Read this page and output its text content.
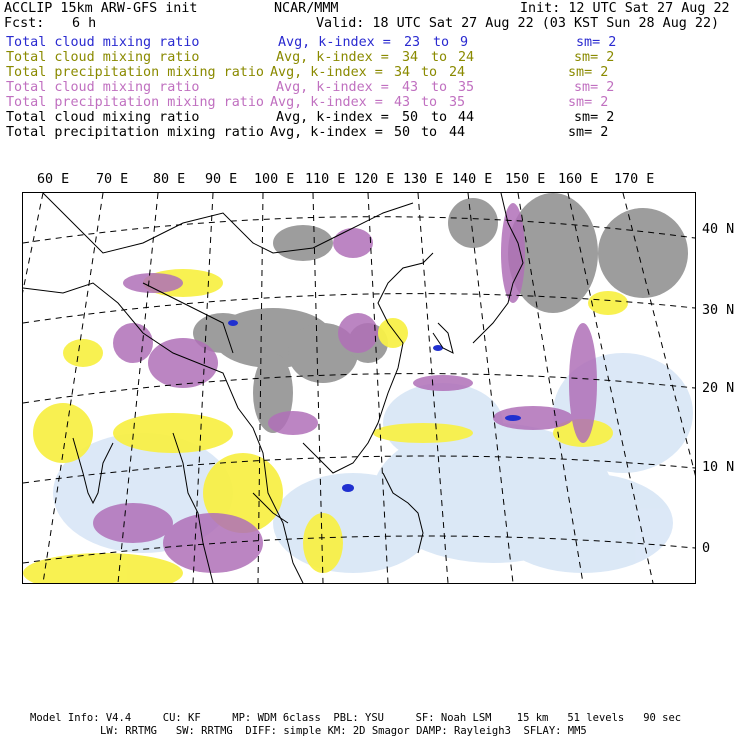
ACCLIP 15km ARW-GFS init	NCAR/MMM	Init: 12 UTC Sat 27 Aug 22
Fcst: 6 h	Valid: 18 UTC Sat 27 Aug 22 (03 KST Sun 28 Aug 22)
Total cloud mixing ratio	Avg, k-index = 23 to 9	sm= 2
Total cloud mixing ratio	Avg, k-index = 34 to 24	sm= 2
Total precipitation mixing ratio Avg, k-index = 34 to 24	sm= 2
Total cloud mixing ratio	Avg, k-index = 43 to 35	sm= 2
Total precipitation mixing ratio Avg, k-index = 43 to 35	sm= 2
Total cloud mixing ratio	Avg, k-index = 50 to 44	sm= 2
Total precipitation mixing ratio Avg, k-index = 50 to 44	sm= 2
60 E 70 E 80 E 90 E 100 E 110 E 120 E 130 E 140 E 150 E 160 E 170 E
40 N
30 N
20 N
10 N
0
Model Info: V4.4     CU: KF     MP: WDM 6class  PBL: YSU     SF: Noah LSM    15 km   51 levels   90 sec
LW: RRTMG   SW: RRTMG  DIFF: simple KM: 2D Smagor DAMP: Rayleigh3  SFLAY: MM5
